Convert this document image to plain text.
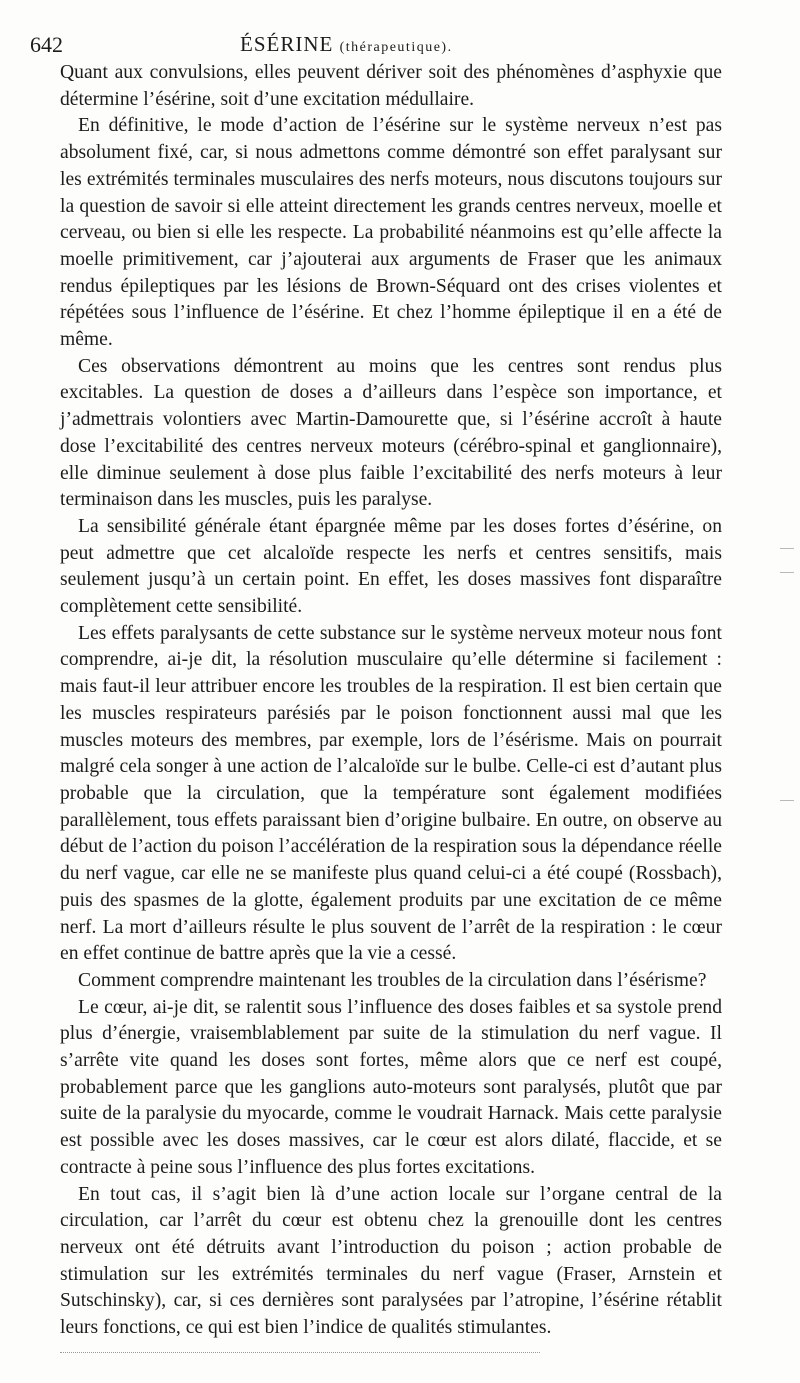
642	ÉSÉRINE (thérapeutique).

Quant aux convulsions, elles peuvent dériver soit des phénomènes d’asphyxie que détermine l’ésérine, soit d’une excitation médullaire.

En définitive, le mode d’action de l’ésérine sur le système nerveux n’est pas absolument fixé, car, si nous admettons comme démontré son effet paralysant sur les extrémités terminales musculaires des nerfs moteurs, nous discutons toujours sur la question de savoir si elle atteint directement les grands centres nerveux, moelle et cerveau, ou bien si elle les respecte. La probabilité néanmoins est qu’elle affecte la moelle primitivement, car j’ajouterai aux arguments de Fraser que les animaux rendus épileptiques par les lésions de Brown-Séquard ont des crises violentes et répétées sous l’influence de l’ésérine. Et chez l’homme épileptique il en a été de même.

Ces observations démontrent au moins que les centres sont rendus plus excitables. La question de doses a d’ailleurs dans l’espèce son importance, et j’admettrais volontiers avec Martin-Damourette que, si l’ésérine accroît à haute dose l’excitabilité des centres nerveux moteurs (cérébro-spinal et ganglionnaire), elle diminue seulement à dose plus faible l’excitabilité des nerfs moteurs à leur terminaison dans les muscles, puis les paralyse.

La sensibilité générale étant épargnée même par les doses fortes d’ésérine, on peut admettre que cet alcaloïde respecte les nerfs et centres sensitifs, mais seulement jusqu’à un certain point. En effet, les doses massives font disparaître complètement cette sensibilité.

Les effets paralysants de cette substance sur le système nerveux moteur nous font comprendre, ai-je dit, la résolution musculaire qu’elle détermine si facilement : mais faut-il leur attribuer encore les troubles de la respiration. Il est bien certain que les muscles respirateurs parésiés par le poison fonctionnent aussi mal que les muscles moteurs des membres, par exemple, lors de l’ésérisme. Mais on pourrait malgré cela songer à une action de l’alcaloïde sur le bulbe. Celle-ci est d’autant plus probable que la circulation, que la température sont également modifiées parallèlement, tous effets paraissant bien d’origine bulbaire. En outre, on observe au début de l’action du poison l’accélération de la respiration sous la dépendance réelle du nerf vague, car elle ne se manifeste plus quand celui-ci a été coupé (Rossbach), puis des spasmes de la glotte, également produits par une excitation de ce même nerf. La mort d’ailleurs résulte le plus souvent de l’arrêt de la respiration : le cœur en effet continue de battre après que la vie a cessé.

Comment comprendre maintenant les troubles de la circulation dans l’ésérisme?

Le cœur, ai-je dit, se ralentit sous l’influence des doses faibles et sa systole prend plus d’énergie, vraisemblablement par suite de la stimulation du nerf vague. Il s’arrête vite quand les doses sont fortes, même alors que ce nerf est coupé, probablement parce que les ganglions auto-moteurs sont paralysés, plutôt que par suite de la paralysie du myocarde, comme le voudrait Harnack. Mais cette paralysie est possible avec les doses massives, car le cœur est alors dilaté, flaccide, et se contracte à peine sous l’influence des plus fortes excitations.

En tout cas, il s’agit bien là d’une action locale sur l’organe central de la circulation, car l’arrêt du cœur est obtenu chez la grenouille dont les centres nerveux ont été détruits avant l’introduction du poison ; action probable de stimulation sur les extrémités terminales du nerf vague (Fraser, Arnstein et Sutschinsky), car, si ces dernières sont paralysées par l’atropine, l’ésérine rétablit leurs fonctions, ce qui est bien l’indice de qualités stimulantes.
